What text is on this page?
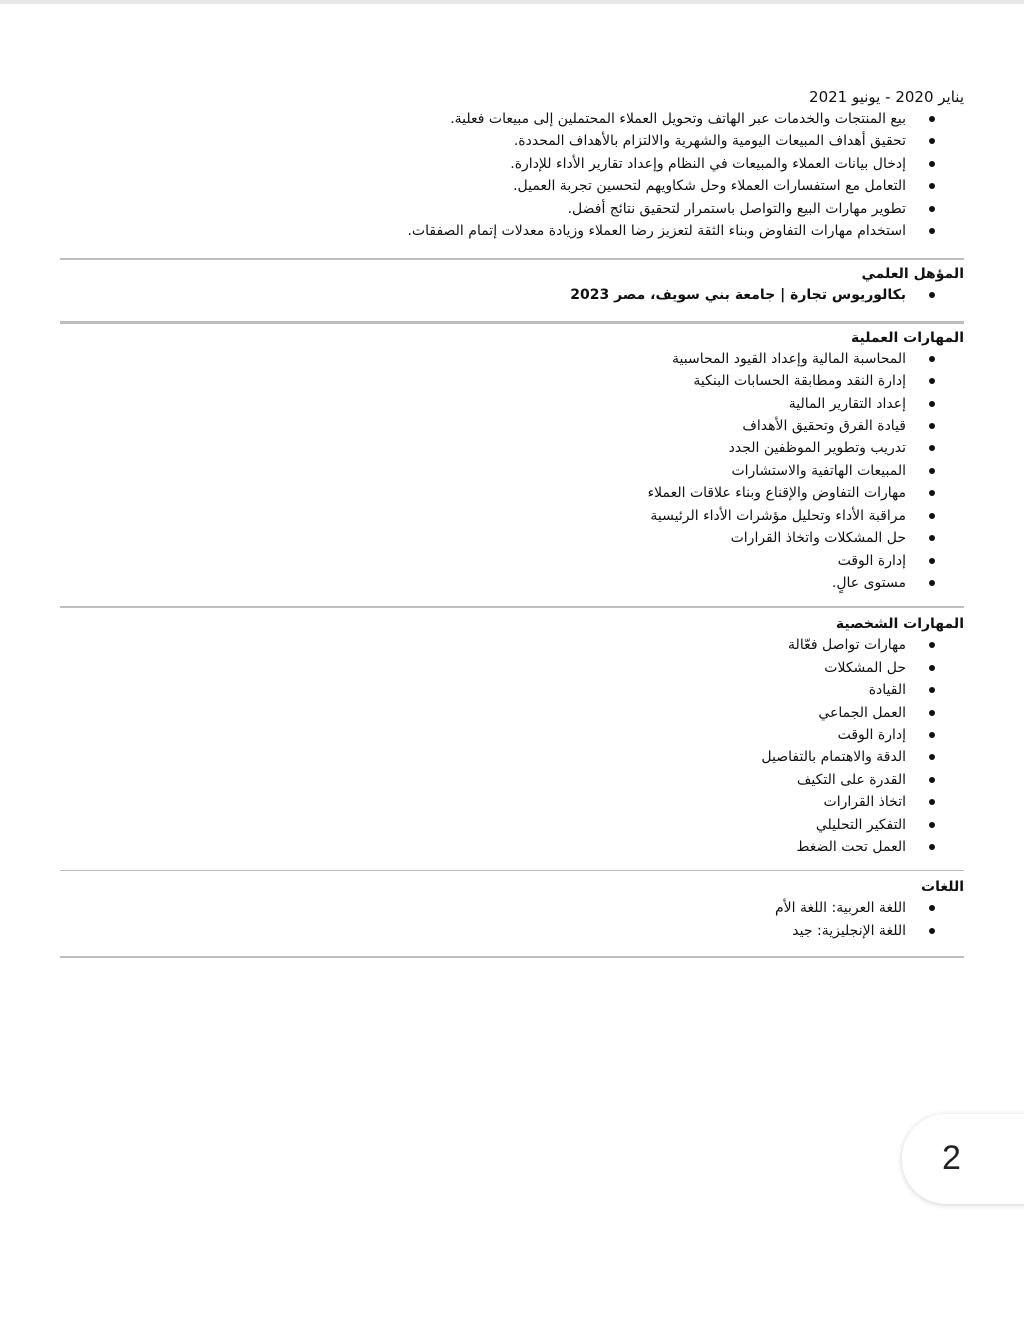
يناير 2020 - يونيو 2021

بيع المنتجات والخدمات عبر الهاتف وتحويل العملاء المحتملين إلى مبيعات فعلية.
تحقيق أهداف المبيعات اليومية والشهرية والالتزام بالأهداف المحددة.
إدخال بيانات العملاء والمبيعات في النظام وإعداد تقارير الأداء للإدارة.
التعامل مع استفسارات العملاء وحل شكاويهم لتحسين تجربة العميل.
تطوير مهارات البيع والتواصل باستمرار لتحقيق نتائج أفضل.
استخدام مهارات التفاوض وبناء الثقة لتعزيز رضا العملاء وزيادة معدلات إتمام الصفقات.

المؤهل العلمي

بكالوريوس تجارة | جامعة بني سويف، مصر 2023

المهارات العملية

المحاسبة المالية وإعداد القيود المحاسبية
إدارة النقد ومطابقة الحسابات البنكية
إعداد التقارير المالية
قيادة الفرق وتحقيق الأهداف
تدريب وتطوير الموظفين الجدد
المبيعات الهاتفية والاستشارات
مهارات التفاوض والإقناع وبناء علاقات العملاء
مراقبة الأداء وتحليل مؤشرات الأداء الرئيسية
حل المشكلات واتخاذ القرارات
إدارة الوقت
مستوى عالٍ.

المهارات الشخصية

مهارات تواصل فعّالة
حل المشكلات
القيادة
العمل الجماعي
إدارة الوقت
الدقة والاهتمام بالتفاصيل
القدرة على التكيف
اتخاذ القرارات
التفكير التحليلي
العمل تحت الضغط

اللغات

اللغة العربية: اللغة الأم
اللغة الإنجليزية: جيد
2
